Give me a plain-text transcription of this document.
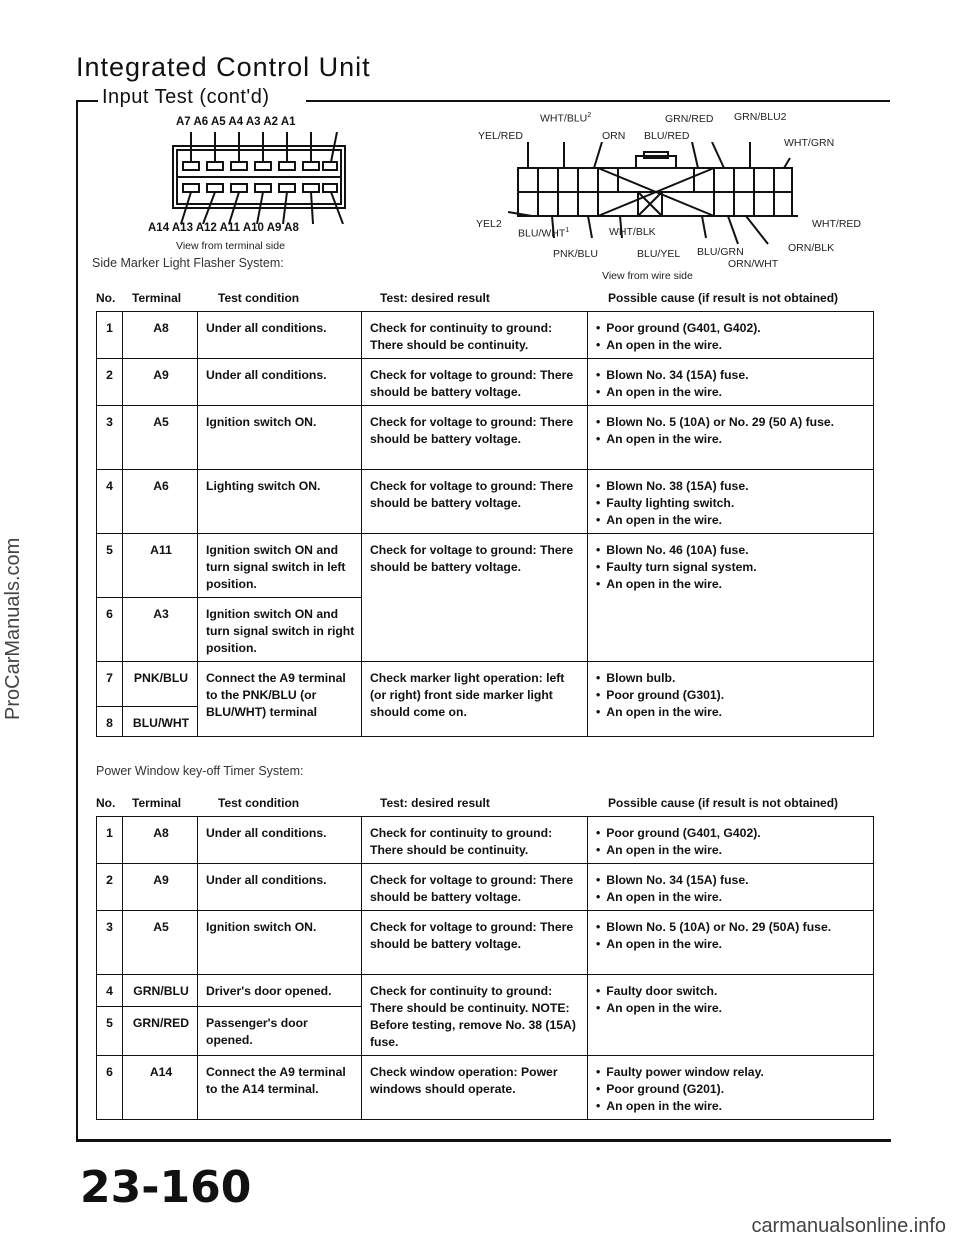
Integrated Control Unit
Input Test (cont'd)
A7 A6 A5 A4 A3 A2 A1
A14 A13 A12 A11 A10 A9 A8
View from terminal side
Side Marker Light Flasher System:
WHT/BLU$^2$	GRN/RED GRN/BLU2
YEL/RED	ORN BLU/RED
WHT/GRN
YEL2	WHT/RED
BLU/WHT$^1$	WHT/BLK
ORN/BLK
PNK/BLU	BLU/YEL BLU/GRN
ORN/WHT
View from wire side
No. Terminal	Test condition	Test: desired result	Possible cause (if result is not obtained)
1	A8	Under all conditions.	Check for continuity to ground: There should be continuity.	• Poor ground (G401, G402).
• An open in the wire.

2	A9	Under all conditions.	Check for voltage to ground: There should be battery voltage.	• Blown No. 34 (15A) fuse.
• An open in the wire.

3	A5	Ignition switch ON.	Check for voltage to ground: There should be battery voltage.	• Blown No. 5 (10A) or No. 29 (50 A) fuse.
• An open in the wire.

4	A6	Lighting switch ON.	Check for voltage to ground: There should be battery voltage.	• Blown No. 38 (15A) fuse.
• Faulty lighting switch.
• An open in the wire.

5	A11	Ignition switch ON and turn signal switch in left position.	Check for voltage to ground: There should be battery voltage.	• Blown No. 46 (10A) fuse.
• Faulty turn signal system.
• An open in the wire.

6	A3	Ignition switch ON and turn signal switch in right position.		
7	PNK/BLU	Connect the A9 terminal to the PNK/BLU (or BLU/WHT) terminal	Check marker light operation: left (or right) front side marker light should come on.	• Blown bulb.
• Poor ground (G301).
• An open in the wire.

8	BLU/WHT			
Power Window key-off Timer System:
No. Terminal	Test condition	Test: desired result	Possible cause (if result is not obtained)
1	A8	Under all conditions.	Check for continuity to ground: There should be continuity.	• Poor ground (G401, G402).
• An open in the wire.

2	A9	Under all conditions.	Check for voltage to ground: There should be battery voltage.	• Blown No. 34 (15A) fuse.
• An open in the wire.

3	A5	Ignition switch ON.	Check for voltage to ground: There should be battery voltage.	• Blown No. 5 (10A) or No. 29 (50A) fuse.
• An open in the wire.

4	GRN/BLU	Driver's door opened.	Check for continuity to ground: There should be continuity. NOTE: Before testing, remove No. 38 (15A) fuse.	• Faulty door switch.
• An open in the wire.

5	GRN/RED	Passenger's door opened.		
6	A14	Connect the A9 terminal to the A14 terminal.	Check window operation: Power windows should operate.	• Faulty power window relay.
• Poor ground (G201).
• An open in the wire.
23-160
ProCarManuals.com
carmanualsonline.info
